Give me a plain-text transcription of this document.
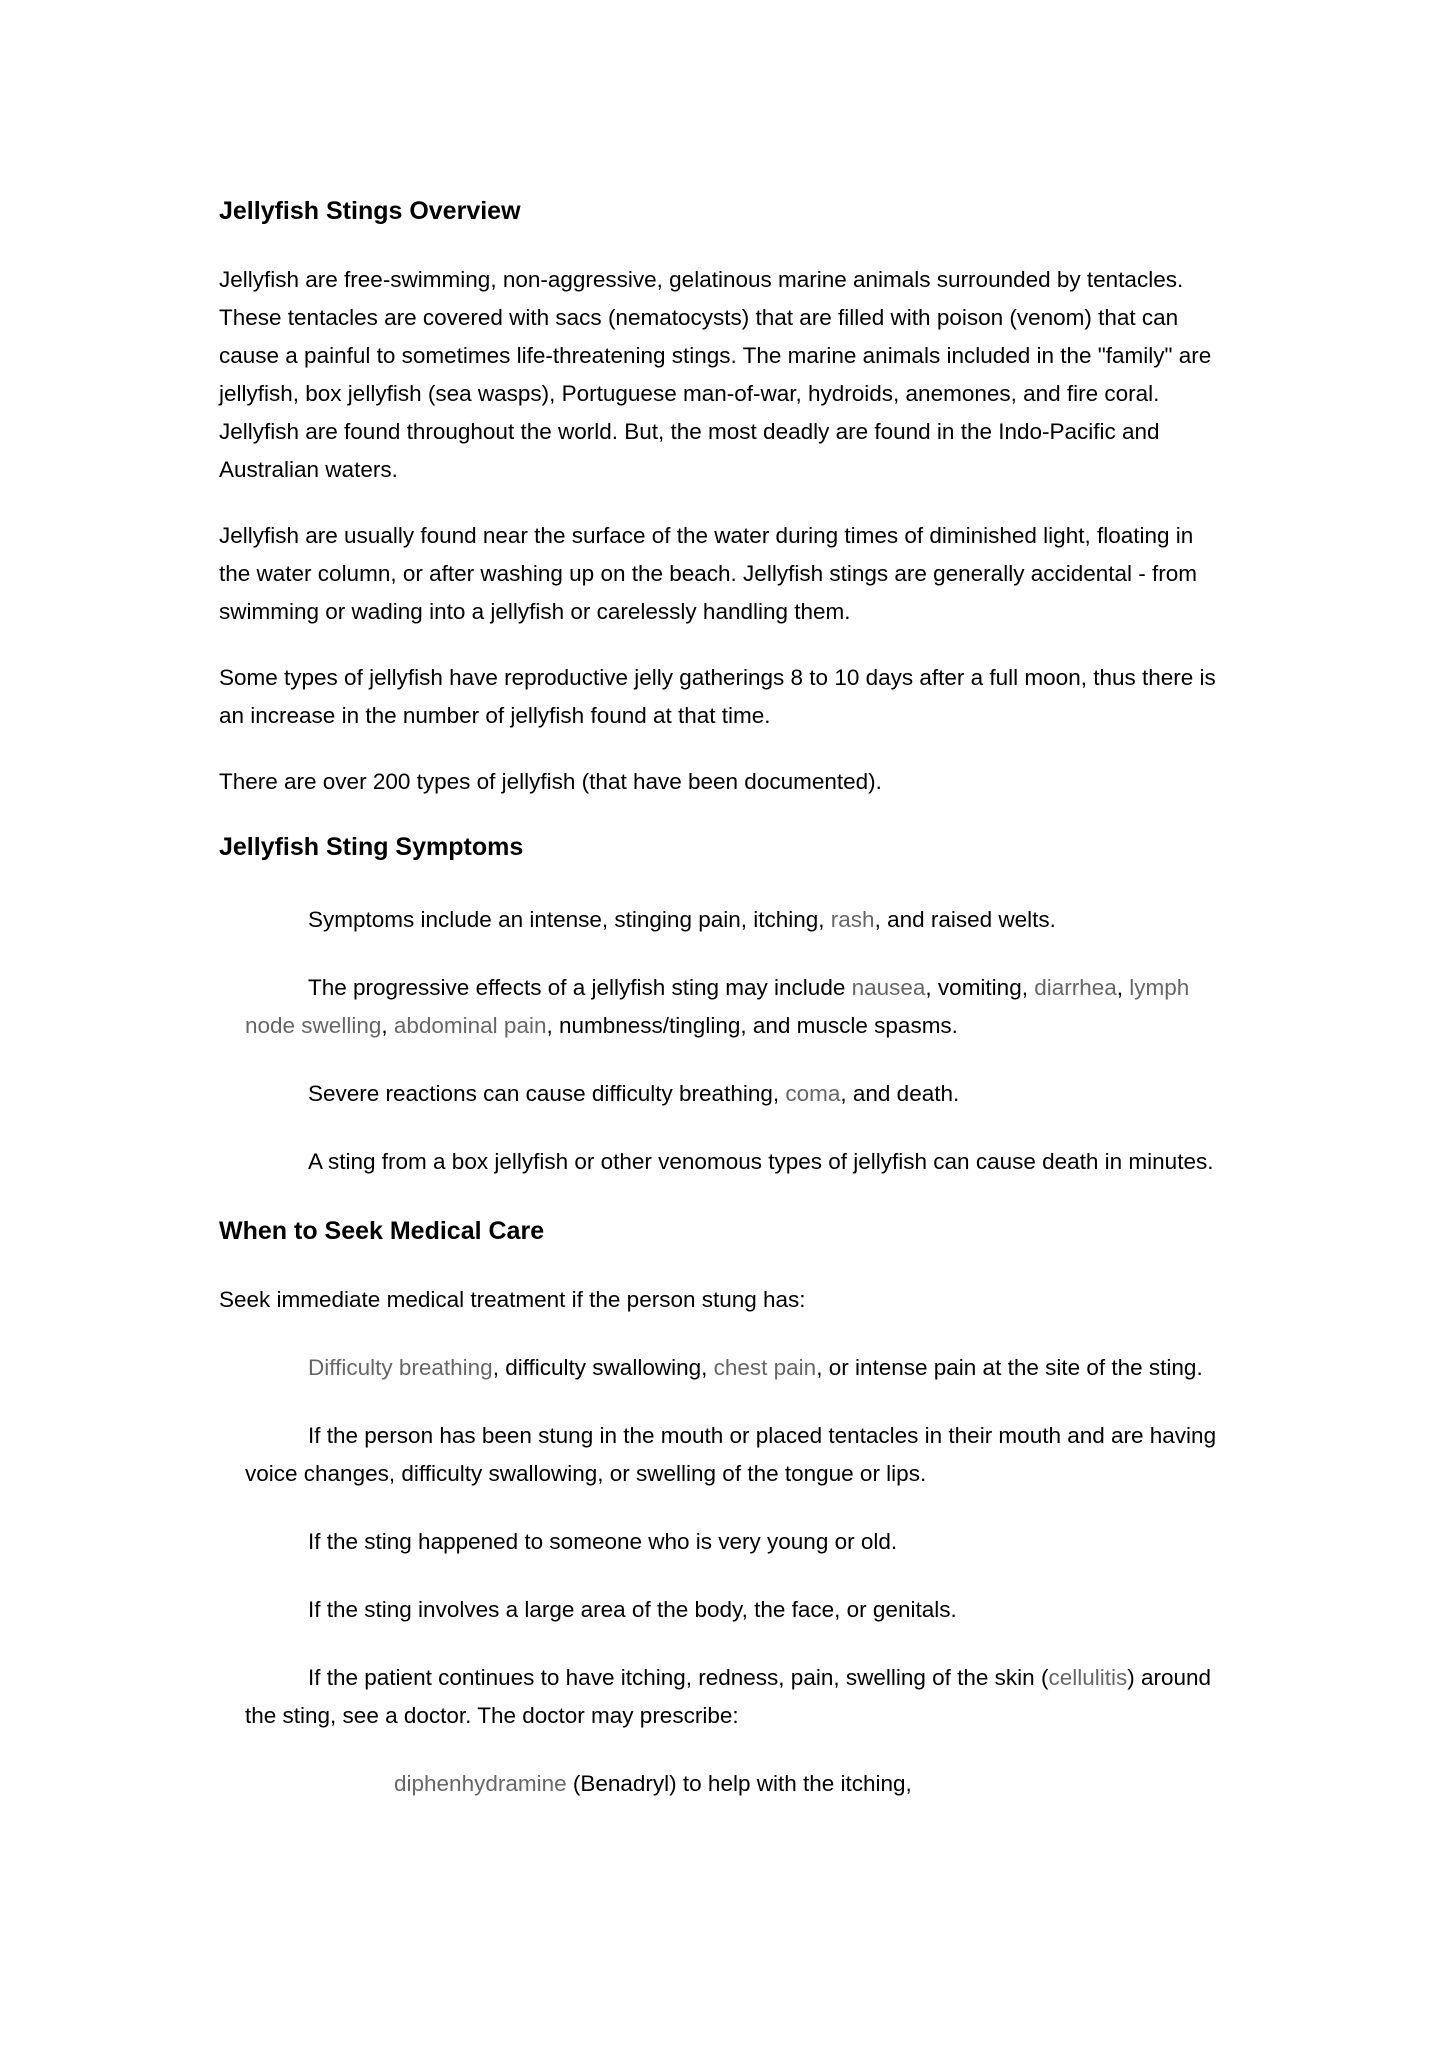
Jellyfish Stings Overview

Jellyfish are free-swimming, non-aggressive, gelatinous marine animals surrounded by tentacles. These tentacles are covered with sacs (nematocysts) that are filled with poison (venom) that can cause a painful to sometimes life-threatening stings. The marine animals included in the "family" are jellyfish, box jellyfish (sea wasps), Portuguese man-of-war, hydroids, anemones, and fire coral. Jellyfish are found throughout the world. But, the most deadly are found in the Indo-Pacific and Australian waters.

Jellyfish are usually found near the surface of the water during times of diminished light, floating in the water column, or after washing up on the beach. Jellyfish stings are generally accidental - from swimming or wading into a jellyfish or carelessly handling them.

Some types of jellyfish have reproductive jelly gatherings 8 to 10 days after a full moon, thus there is an increase in the number of jellyfish found at that time.

There are over 200 types of jellyfish (that have been documented).

Jellyfish Sting Symptoms

Symptoms include an intense, stinging pain, itching, rash, and raised welts.

The progressive effects of a jellyfish sting may include nausea, vomiting, diarrhea, lymph node swelling, abdominal pain, numbness/tingling, and muscle spasms.

Severe reactions can cause difficulty breathing, coma, and death.

A sting from a box jellyfish or other venomous types of jellyfish can cause death in minutes.

When to Seek Medical Care

Seek immediate medical treatment if the person stung has:

Difficulty breathing, difficulty swallowing, chest pain, or intense pain at the site of the sting.

If the person has been stung in the mouth or placed tentacles in their mouth and are having voice changes, difficulty swallowing, or swelling of the tongue or lips.

If the sting happened to someone who is very young or old.

If the sting involves a large area of the body, the face, or genitals.

If the patient continues to have itching, redness, pain, swelling of the skin (cellulitis) around the sting, see a doctor. The doctor may prescribe:

diphenhydramine (Benadryl) to help with the itching,
